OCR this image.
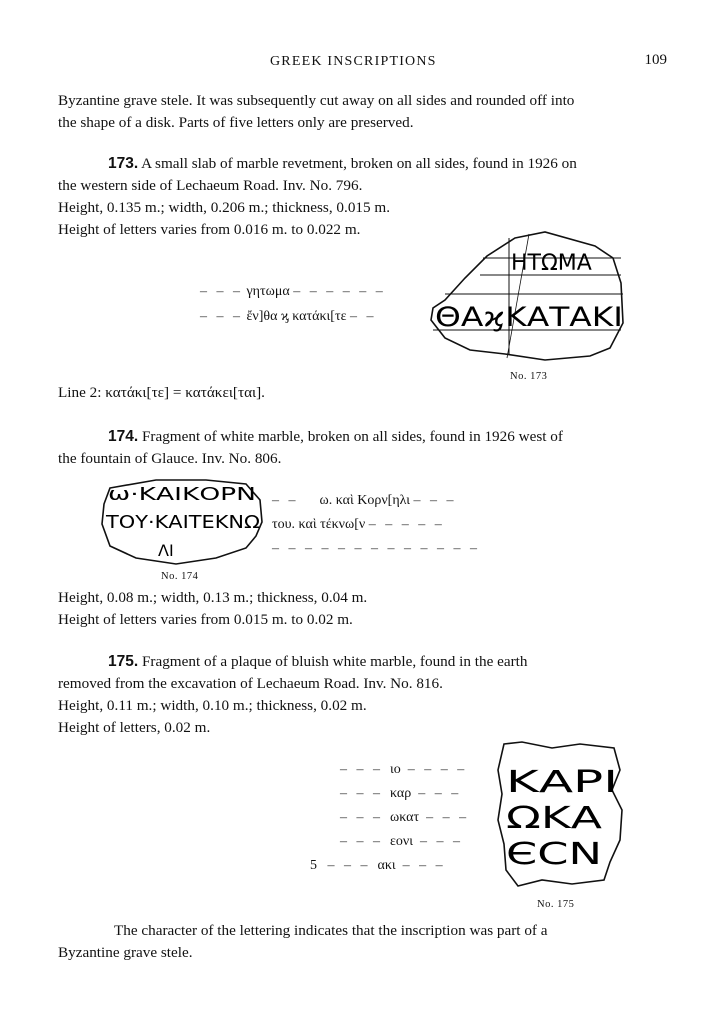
GREEK INSCRIPTIONS	109
Byzantine grave stele. It was subsequently cut away on all sides and rounded off into
the shape of a disk. Parts of five letters only are preserved.
173. A small slab of marble revetment, broken on all sides, found in 1926 on
the western side of Lechaeum Road. Inv. No. 796.
Height, 0.135 m.; width, 0.206 m.; thickness, 0.015 m.
Height of letters varies from 0.016 m. to 0.022 m.
– – – γητωμα – – – – – –
– – – ἔν]θα ϗ κατάκι[τε – –
ΗΤΩΜΑ
ΘΑϗΚΑΤΑΚΙ
No. 173
Line 2: κατάκι[τε] = κατάκει[ται].
174. Fragment of white marble, broken on all sides, found in 1926 west of
the fountain of Glauce. Inv. No. 806.
ω·ΚΑΙΚΟΡΝ
ΤΟΥ·ΚΑΙΤΕΚΝΩ
ΛΙ
No. 174
– – ω. καὶ Κορν[ηλι – – –
του. καὶ τέκνω[ν – – – – –
– – – – – – – – – – – – –
Height, 0.08 m.; width, 0.13 m.; thickness, 0.04 m.
Height of letters varies from 0.015 m. to 0.02 m.
175. Fragment of a plaque of bluish white marble, found in the earth
removed from the excavation of Lechaeum Road. Inv. No. 816.
Height, 0.11 m.; width, 0.10 m.; thickness, 0.02 m.
Height of letters, 0.02 m.
– – – ιο – – – –
– – – καρ – – –
– – – ωκατ – – –
– – – εονι – – –
5 – – – ακι – – –
ΚΑΡΙ
ΩΚΑ
ЄCΝ
No. 175
The character of the lettering indicates that the inscription was part of a
Byzantine grave stele.
